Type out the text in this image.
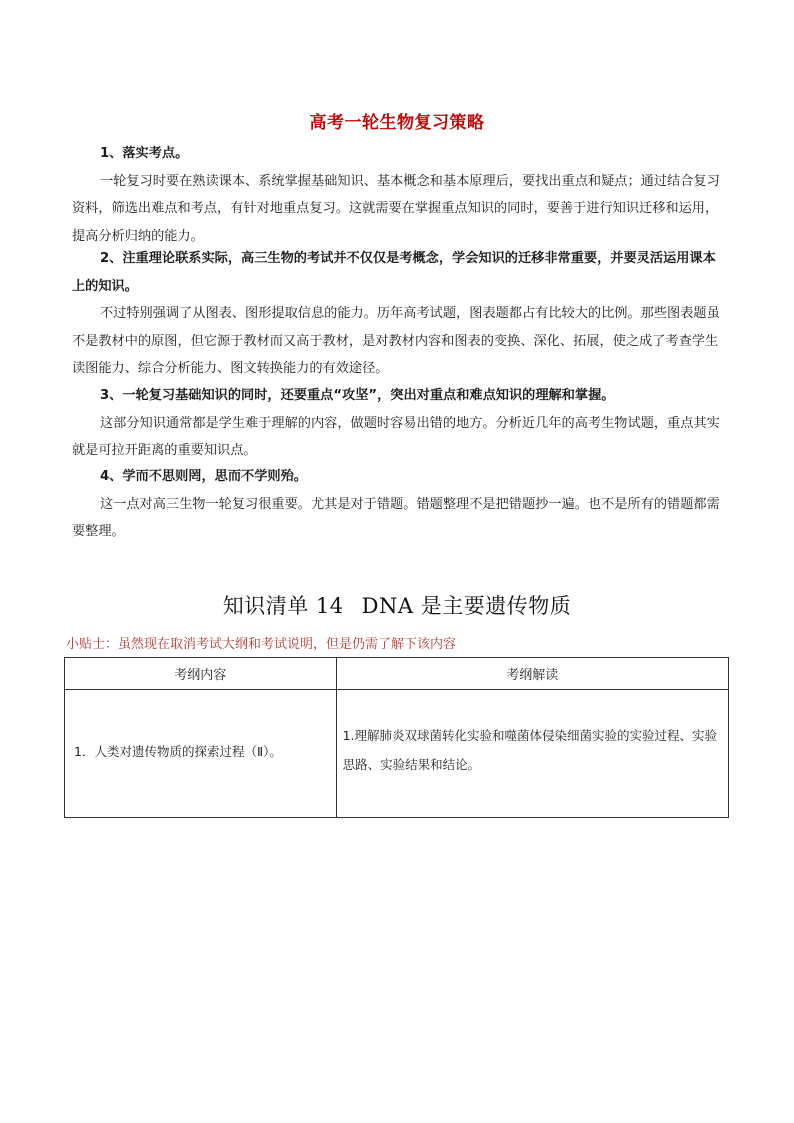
高考一轮生物复习策略

1、落实考点。

一轮复习时要在熟读课本、系统掌握基础知识、基本概念和基本原理后，要找出重点和疑点；通过结合复习资料，筛选出难点和考点，有针对地重点复习。这就需要在掌握重点知识的同时，要善于进行知识迁移和运用，提高分析归纳的能力。

2、注重理论联系实际，高三生物的考试并不仅仅是考概念，学会知识的迁移非常重要，并要灵活运用课本上的知识。

不过特别强调了从图表、图形提取信息的能力。历年高考试题，图表题都占有比较大的比例。那些图表题虽不是教材中的原图，但它源于教材而又高于教材，是对教材内容和图表的变换、深化、拓展，使之成了考查学生读图能力、综合分析能力、图文转换能力的有效途径。

3、一轮复习基础知识的同时，还要重点“攻坚”，突出对重点和难点知识的理解和掌握。

这部分知识通常都是学生难于理解的内容，做题时容易出错的地方。分析近几年的高考生物试题，重点其实就是可拉开距离的重要知识点。

4、学而不思则罔，思而不学则殆。

这一点对高三生物一轮复习很重要。尤其是对于错题。错题整理不是把错题抄一遍。也不是所有的错题都需要整理。

知识清单 14 DNA 是主要遗传物质
小贴士：虽然现在取消考试大纲和考试说明，但是仍需了解下该内容
考纲内容	考纲解读
1．人类对遗传物质的探索过程（Ⅱ）。	1.理解肺炎双球菌转化实验和噬菌体侵染细菌实验的实验过程、实验思路、实验结果和结论。
